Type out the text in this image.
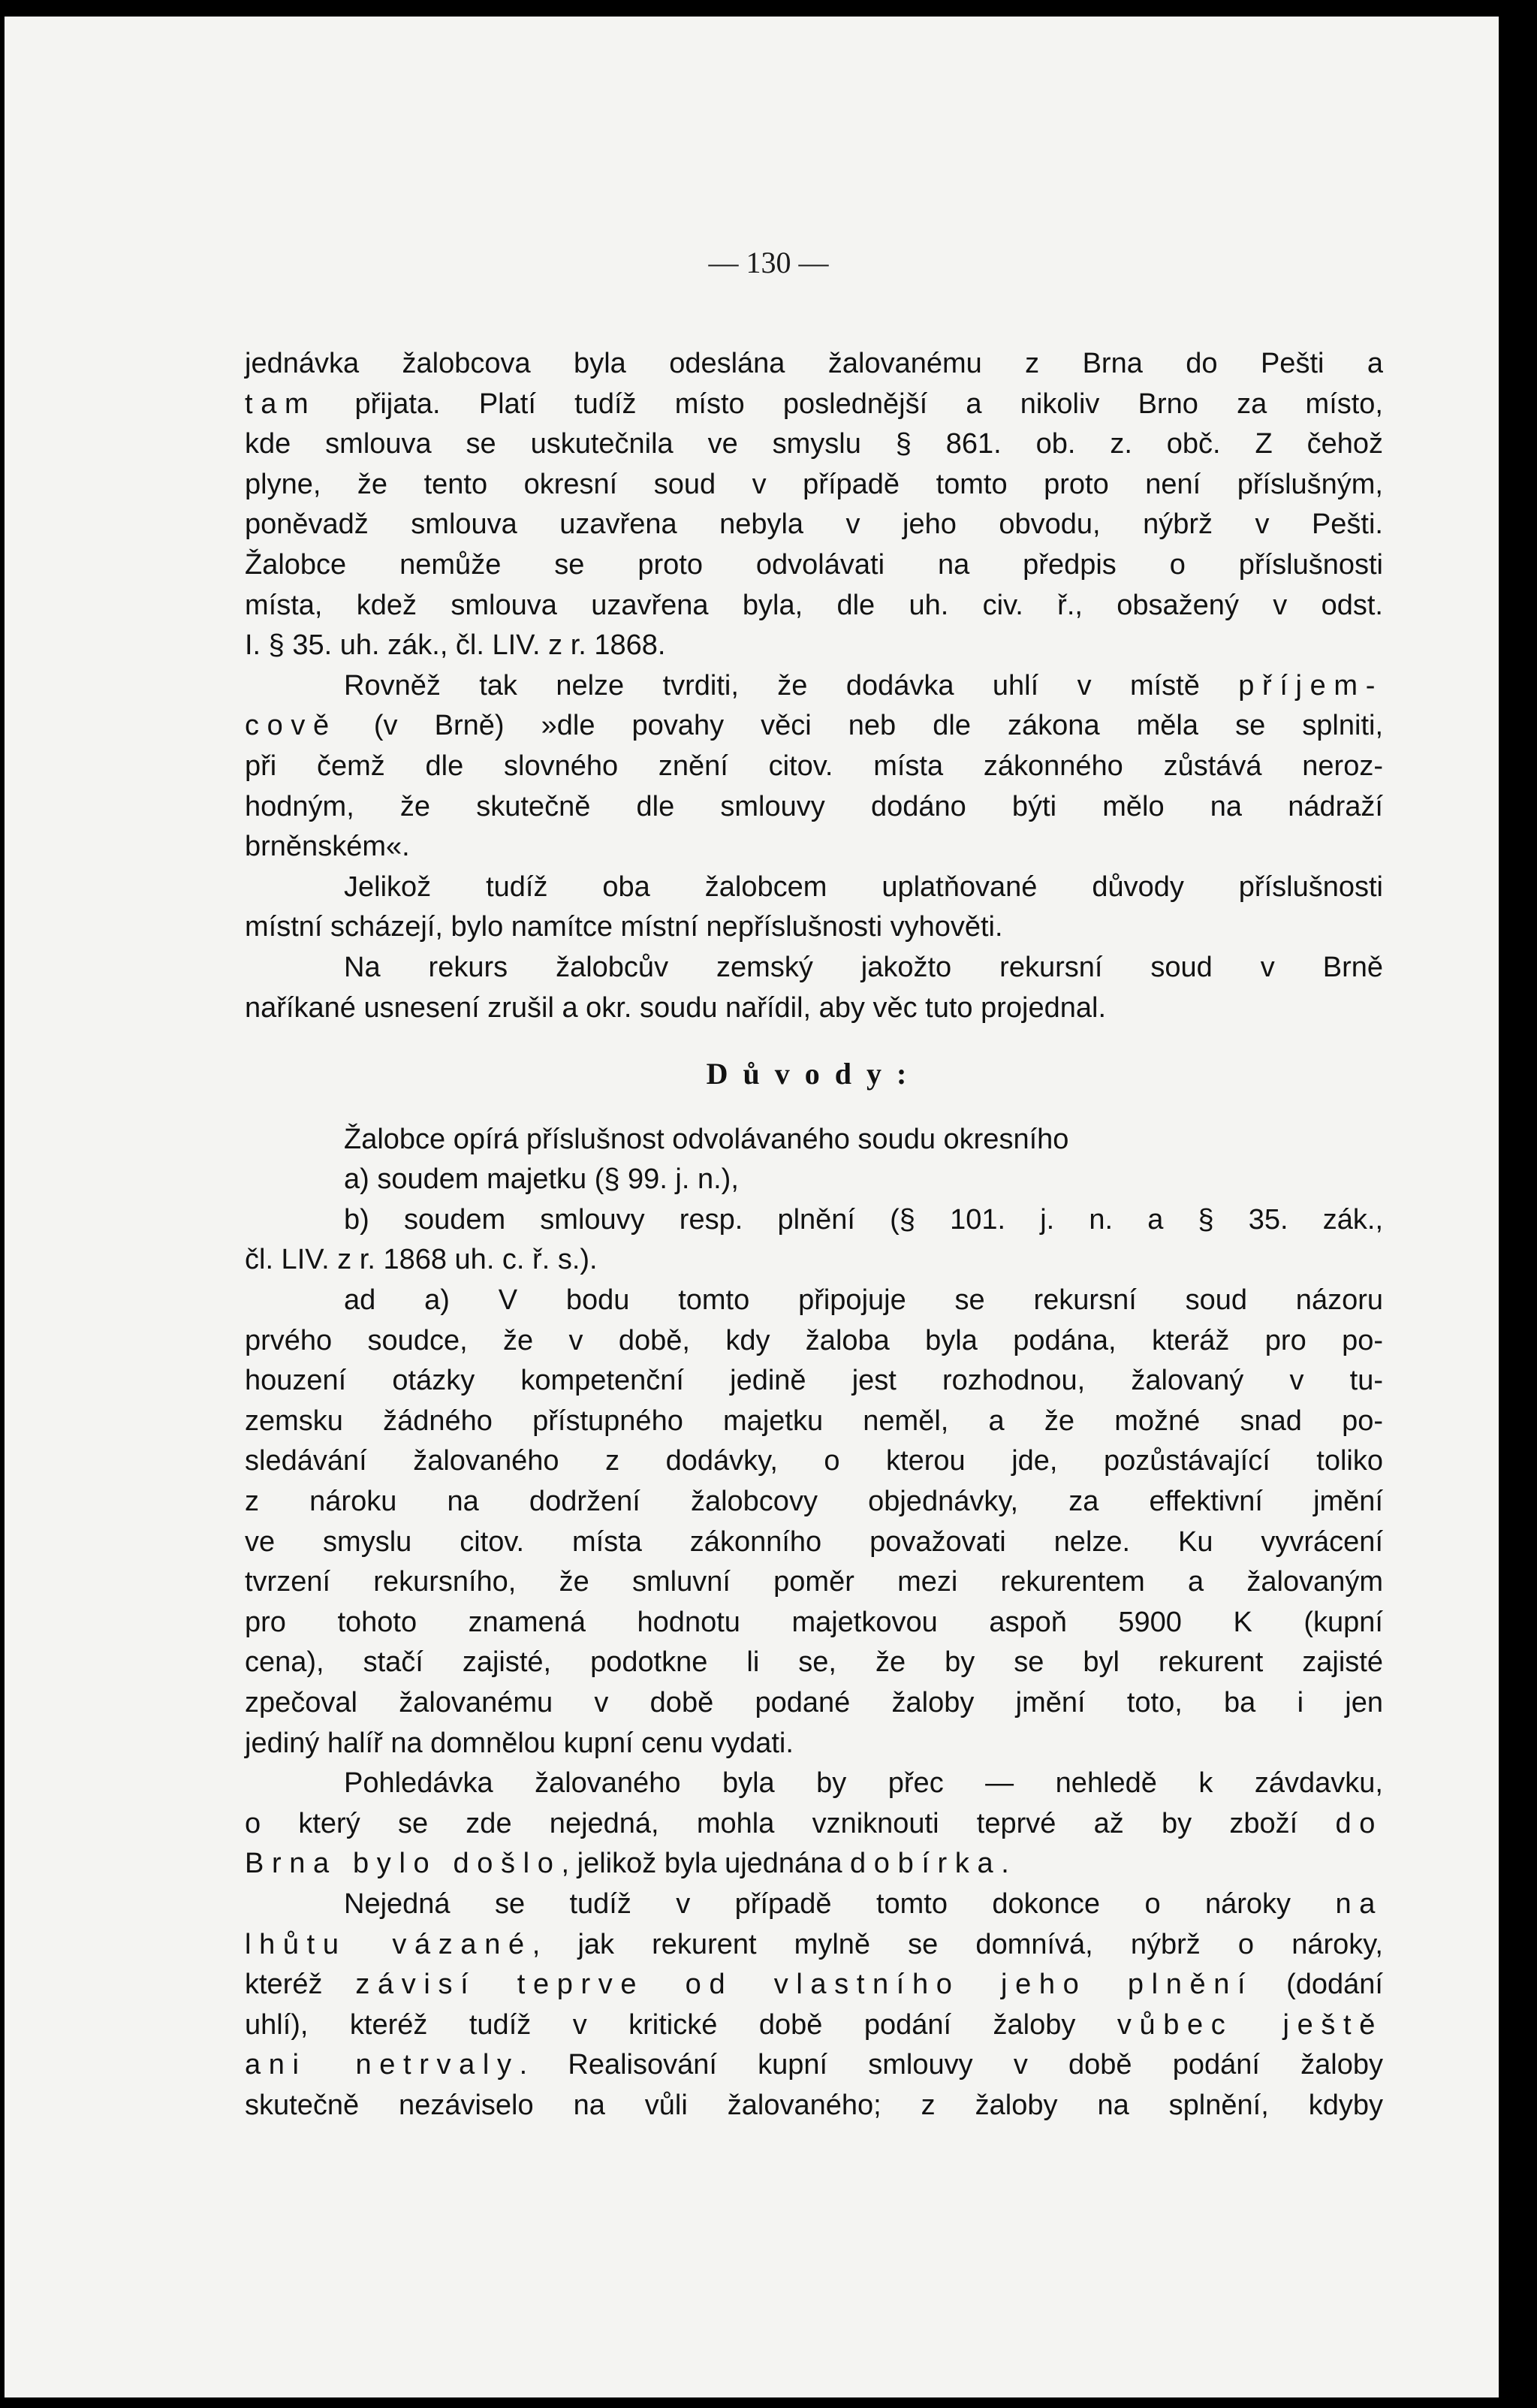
— 130 —

jednávka žalobcova byla odeslána žalovanému z Brna do Pešti a
tam přijata. Platí tudíž místo poslednější a nikoliv Brno za místo,
kde smlouva se uskutečnila ve smyslu § 861. ob. z. obč. Z čehož
plyne, že tento okresní soud v případě tomto proto není příslušným,
poněvadž smlouva uzavřena nebyla v jeho obvodu, nýbrž v Pešti.
Žalobce nemůže se proto odvolávati na předpis o příslušnosti
místa, kdež smlouva uzavřena byla, dle uh. civ. ř., obsažený v odst.
I. § 35. uh. zák., čl. LIV. z r. 1868.

Rovněž tak nelze tvrditi, že dodávka uhlí v místě příjem-
cově (v Brně) »dle povahy věci neb dle zákona měla se splniti,
při čemž dle slovného znění citov. místa zákonného zůstává neroz-
hodným, že skutečně dle smlouvy dodáno býti mělo na nádraží
brněnském«.

Jelikož tudíž oba žalobcem uplatňované důvody příslušnosti
místní scházejí, bylo namítce místní nepříslušnosti vyhověti.

Na rekurs žalobcův zemský jakožto rekursní soud v Brně
naříkané usnesení zrušil a okr. soudu nařídil, aby věc tuto projednal.

Důvody:

Žalobce opírá příslušnost odvolávaného soudu okresního
a) soudem majetku (§ 99. j. n.),
b) soudem smlouvy resp. plnění (§ 101. j. n. a § 35. zák.,
čl. LIV. z r. 1868 uh. c. ř. s.).

ad a) V bodu tomto připojuje se rekursní soud názoru
prvého soudce, že v době, kdy žaloba byla podána, kteráž pro po-
houzení otázky kompetenční jedině jest rozhodnou, žalovaný v tu-
zemsku žádného přístupného majetku neměl, a že možné snad po-
sledávání žalovaného z dodávky, o kterou jde, pozůstávající toliko
z nároku na dodržení žalobcovy objednávky, za effektivní jmění
ve smyslu citov. místa zákonního považovati nelze. Ku vyvrácení
tvrzení rekursního, že smluvní poměr mezi rekurentem a žalovaným
pro tohoto znamená hodnotu majetkovou aspoň 5900 K (kupní
cena), stačí zajisté, podotkne li se, že by se byl rekurent zajisté
zpečoval žalovanému v době podané žaloby jmění toto, ba i jen
jediný halíř na domnělou kupní cenu vydati.

Pohledávka žalovaného byla by přec — nehledě k závdavku,
o který se zde nejedná, mohla vzniknouti teprvé až by zboží do
Brna bylo došlo, jelikož byla ujednána dobírka.

Nejedná se tudíž v případě tomto dokonce o nároky na
lhůtu vázané, jak rekurent mylně se domnívá, nýbrž o nároky,
kteréž závisí teprve od vlastního jeho plnění (dodání
uhlí), kteréž tudíž v kritické době podání žaloby vůbec ještě
ani netrvaly. Realisování kupní smlouvy v době podání žaloby
skutečně nezáviselo na vůli žalovaného; z žaloby na splnění, kdyby
